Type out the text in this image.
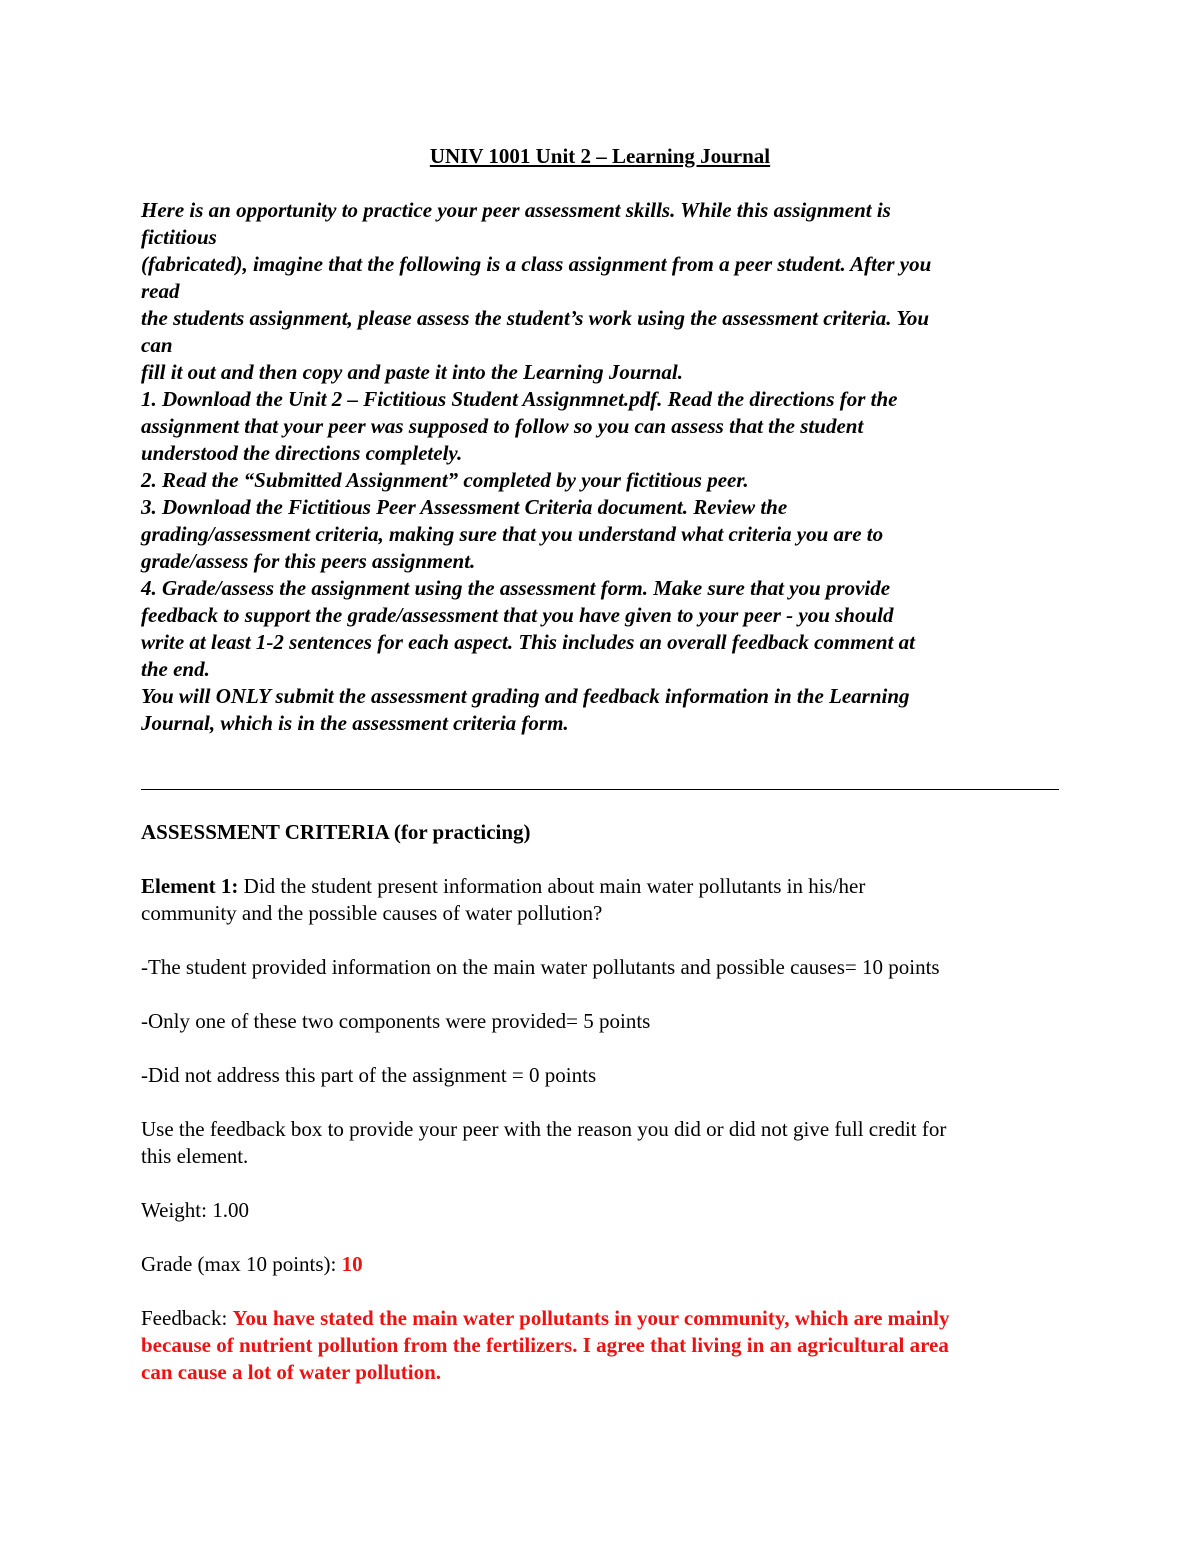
UNIV 1001 Unit 2 – Learning Journal
Here is an opportunity to practice your peer assessment skills. While this assignment is
fictitious
(fabricated), imagine that the following is a class assignment from a peer student. After you
read
the students assignment, please assess the student’s work using the assessment criteria. You
can
fill it out and then copy and paste it into the Learning Journal.
1. Download the Unit 2 – Fictitious Student Assignmnet.pdf. Read the directions for the
assignment that your peer was supposed to follow so you can assess that the student
understood the directions completely.
2. Read the “Submitted Assignment” completed by your fictitious peer.
3. Download the Fictitious Peer Assessment Criteria document. Review the
grading/assessment criteria, making sure that you understand what criteria you are to
grade/assess for this peers assignment.
4. Grade/assess the assignment using the assessment form. Make sure that you provide
feedback to support the grade/assessment that you have given to your peer - you should
write at least 1-2 sentences for each aspect. This includes an overall feedback comment at
the end.
You will ONLY submit the assessment grading and feedback information in the Learning
Journal, which is in the assessment criteria form.
ASSESSMENT CRITERIA (for practicing)
Element 1: Did the student present information about main water pollutants in his/her
community and the possible causes of water pollution?
-The student provided information on the main water pollutants and possible causes= 10 points
-Only one of these two components were provided= 5 points
-Did not address this part of the assignment = 0 points
Use the feedback box to provide your peer with the reason you did or did not give full credit for
this element.
Weight: 1.00
Grade (max 10 points): 10
Feedback: You have stated the main water pollutants in your community, which are mainly
because of nutrient pollution from the fertilizers. I agree that living in an agricultural area
can cause a lot of water pollution.
